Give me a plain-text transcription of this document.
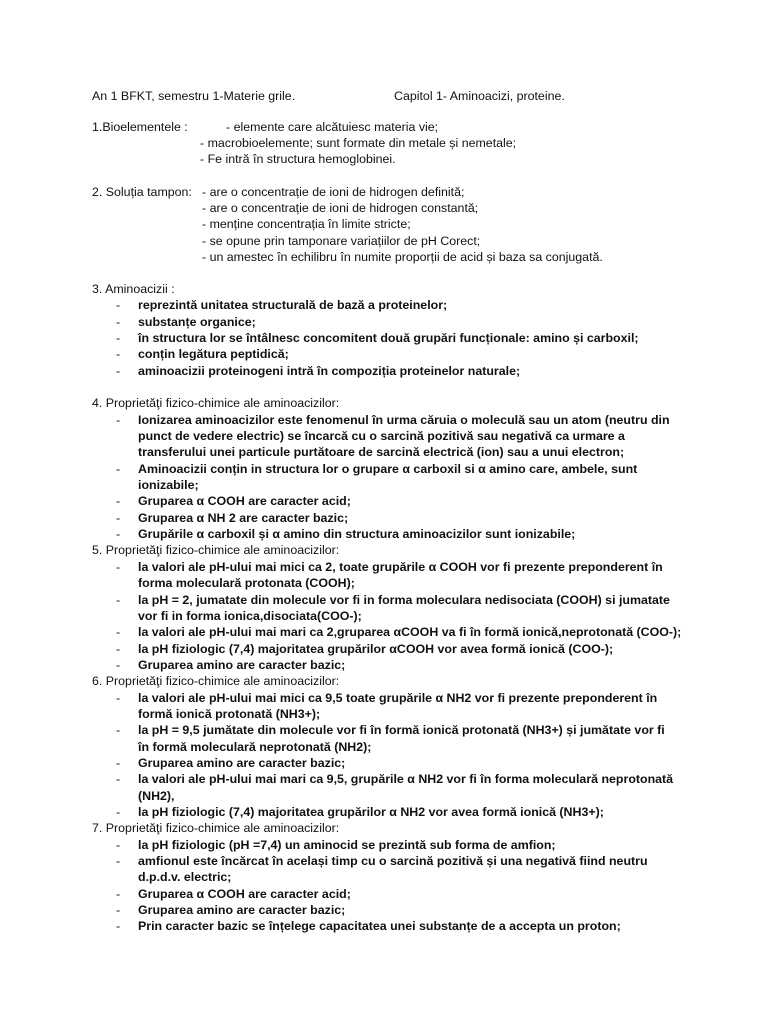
An 1 BFKT, semestru 1-Materie grile.	Capitol 1- Aminoacizi, proteine.
1.Bioelementele :	- elemente care alcătuiesc materia vie;
- macrobioelemente; sunt formate din metale și nemetale;
- Fe intră în structura hemoglobinei.
2. Soluția tampon: - are o concentrație de ioni de hidrogen definită;
- are o concentrație de ioni de hidrogen constantă;
- menține concentrația în limite stricte;
- se opune prin tamponare variațiilor de pH Corect;
- un amestec în echilibru în numite proporții de acid și baza sa conjugată.
3. Aminoacizii :
- reprezintă unitatea structurală de bază a proteinelor;
- substanțe organice;
- în structura lor se întâlnesc concomitent două grupări funcționale: amino și carboxil;
- conțin legătura peptidică;
- aminoacizii proteinogeni intră în compoziția proteinelor naturale;
4. Proprietăţi fizico-chimice ale aminoacizilor:
- Ionizarea aminoacizilor este fenomenul în urma căruia o moleculă sau un atom (neutru din
punct de vedere electric) se încarcă cu o sarcină pozitivă sau negativă ca urmare a
transferului unei particule purtătoare de sarcină electrică (ion) sau a unui electron;
- Aminoacizii conțin in structura lor o grupare α carboxil si α amino care, ambele, sunt
ionizabile;
- Gruparea α COOH are caracter acid;
- Gruparea α NH 2 are caracter bazic;
- Grupările α carboxil și α amino din structura aminoacizilor sunt ionizabile;
5. Proprietăţi fizico-chimice ale aminoacizilor:
- la valori ale pH-ului mai mici ca 2, toate grupările α COOH vor fi prezente preponderent în
forma moleculară protonata (COOH);
- la pH = 2, jumatate din molecule vor fi in forma moleculara nedisociata (COOH) si jumatate
vor fi in forma ionica,disociata(COO-);
- la valori ale pH-ului mai mari ca 2,gruparea αCOOH va fi în formă ionică,neprotonată (COO-);
- la pH fiziologic (7,4) majoritatea grupărilor αCOOH vor avea formă ionică (COO-);
- Gruparea amino are caracter bazic;
6. Proprietăţi fizico-chimice ale aminoacizilor:
- la valori ale pH-ului mai mici ca 9,5 toate grupările α NH2 vor fi prezente preponderent în
formă ionică protonată (NH3+);
- la pH = 9,5 jumătate din molecule vor fi în formă ionică protonată (NH3+) și jumătate vor fi
în formă moleculară neprotonată (NH2);
- Gruparea amino are caracter bazic;
- la valori ale pH-ului mai mari ca 9,5, grupările α NH2 vor fi în forma moleculară neprotonată
(NH2),
- la pH fiziologic (7,4) majoritatea grupărilor α NH2 vor avea formă ionică (NH3+);
7. Proprietăţi fizico-chimice ale aminoacizilor:
- la pH fiziologic (pH =7,4) un aminocid se prezintă sub forma de amfion;
- amfionul este încărcat în același timp cu o sarcină pozitivă și una negativă fiind neutru
d.p.d.v. electric;
- Gruparea α COOH are caracter acid;
- Gruparea amino are caracter bazic;
- Prin caracter bazic se înțelege capacitatea unei substanțe de a accepta un proton;
